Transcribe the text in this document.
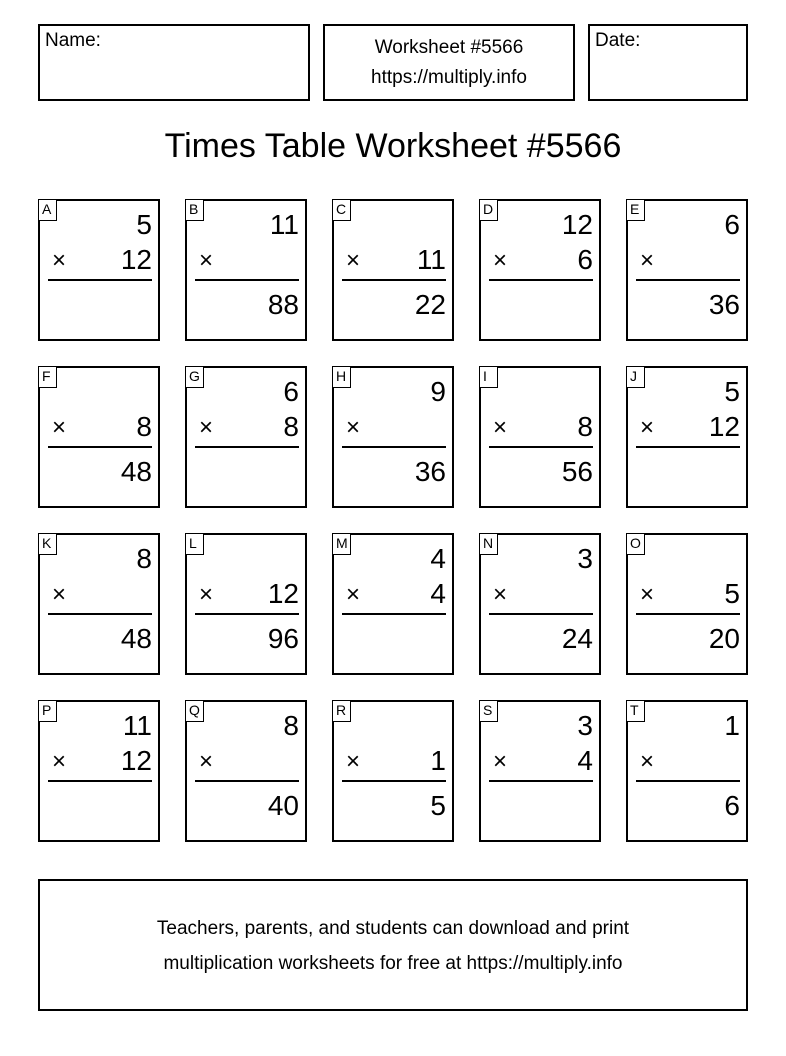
Name:	Worksheet #5566
https://multiply.info
Date:
Times Table Worksheet #5566
A	5
× 12
B	11
×
88
C
× 11
22
D 12
×	6
E	6
×
36
F
×	8
48
G	6
×	8
H	9
×
36
I
×	8
56
J	5
× 12
K	8
×
48
L
× 12
96
M	4
×	4
N	3
×
24
O
×	5
20
P	11
× 12
Q	8
×
40
R
×	1
5
S	3
×	4
T	1
×
6
Teachers, parents, and students can download and print
multiplication worksheets for free at https://multiply.info
